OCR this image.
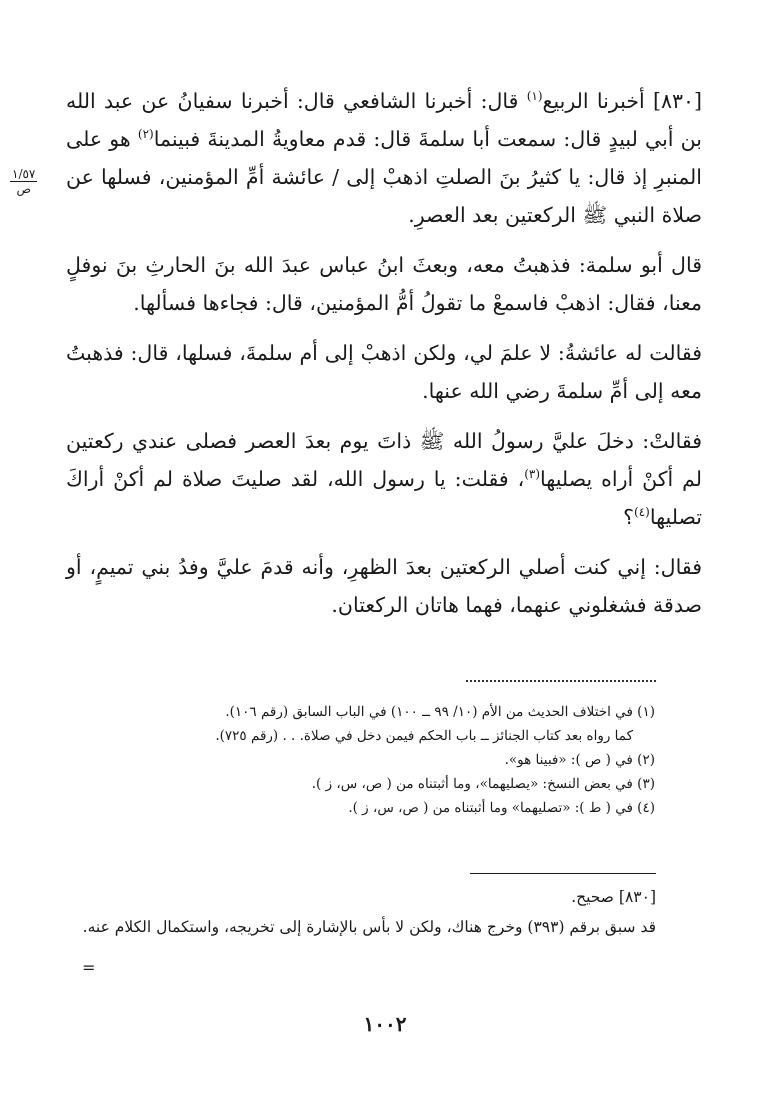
١/٥٧
ص

[٨٣٠] أخبرنا الربيع$^{(١)}$ قال: أخبرنا الشافعي قال: أخبرنا سفيانُ عن عبد الله بن أبي لبيدٍ قال: سمعت أبا سلمةَ قال: قدم معاويةُ المدينةَ فبينما$^{(٢)}$ هو على المنبرِ إذ قال: يا كثيرُ بنَ الصلتِ اذهبْ إلى / عائشة أمِّ المؤمنين، فسلها عن صلاة النبي ﷺ الركعتين بعد العصرِ.

قال أبو سلمة: فذهبتُ معه، وبعثَ ابنُ عباس عبدَ الله بنَ الحارثِ بنَ نوفلٍ معنا، فقال: اذهبْ فاسمعْ ما تقولُ أمُّ المؤمنين، قال: فجاءها فسألها.

فقالت له عائشةُ: لا علمَ لي، ولكن اذهبْ إلى أم سلمةَ، فسلها، قال: فذهبتُ معه إلى أمِّ سلمةَ رضي الله عنها.

فقالتْ: دخلَ عليَّ رسولُ الله ﷺ ذاتَ يوم بعدَ العصر فصلى عندي ركعتين لم أكنْ أراه يصليها$^{(٣)}$، فقلت: يا رسول الله، لقد صليتَ صلاة لم أكنْ أراكَ تصليها$^{(٤)}$؟

فقال: إني كنت أصلي الركعتين بعدَ الظهرِ، وأنه قدمَ عليَّ وفدُ بني تميمٍ، أو صدقة فشغلوني عنهما، فهما هاتان الركعتان.

(١) في اختلاف الحديث من الأم (١٠/ ٩٩ ــ ١٠٠) في الباب السابق (رقم ١٠٦).

كما رواه بعد كتاب الجنائز ــ باب الحكم فيمن دخل في صلاة. . . (رقم ٧٢٥).

(٢) في ( ص ): «فبينا هو».

(٣) في بعض النسخ: «يصليهما»، وما أثبتناه من ( ص، س، ز ).

(٤) في ( ط ): «تصليهما» وما أثبتناه من ( ص، س، ز ).

[٨٣٠] صحيح.

قد سبق برقم (٣٩٣) وخرج هناك، ولكن لا بأس بالإشارة إلى تخريجه، واستكمال الكلام عنه.

=
١٠٠٢
